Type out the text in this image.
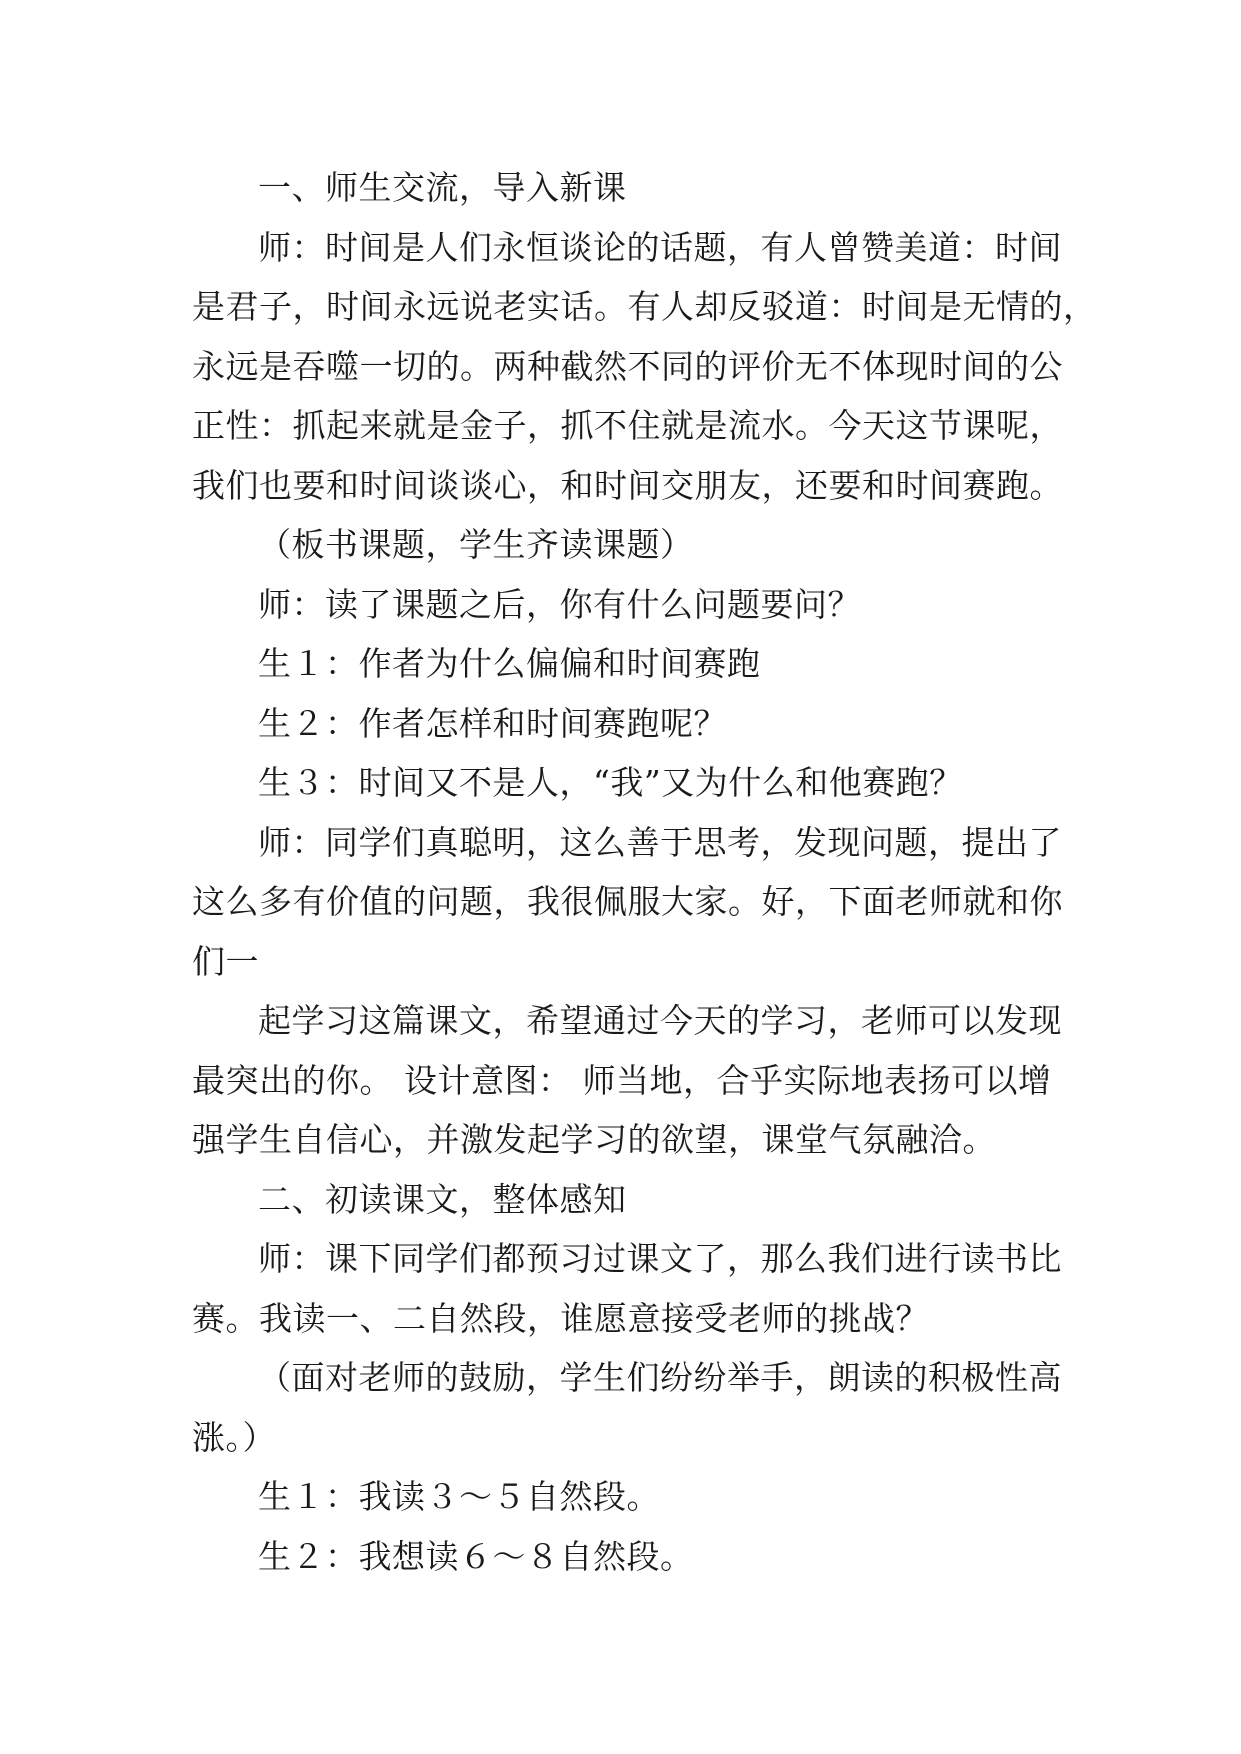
一、师生交流，导入新课
师：时间是人们永恒谈论的话题，有人曾赞美道：时间
是君子，时间永远说老实话。有人却反驳道：时间是无情的，
永远是吞噬一切的。两种截然不同的评价无不体现时间的公
正性：抓起来就是金子，抓不住就是流水。今天这节课呢，
我们也要和时间谈谈心，和时间交朋友，还要和时间赛跑。
（板书课题，学生齐读课题）
师：读了课题之后，你有什么问题要问？
生１：作者为什么偏偏和时间赛跑
生２：作者怎样和时间赛跑呢？
生３：时间又不是人，“我”又为什么和他赛跑？
师：同学们真聪明，这么善于思考，发现问题，提出了
这么多有价值的问题，我很佩服大家。好，下面老师就和你
们一
起学习这篇课文，希望通过今天的学习，老师可以发现
最突出的你。 设计意图： 师当地，合乎实际地表扬可以增
强学生自信心，并激发起学习的欲望，课堂气氛融洽。
二、初读课文，整体感知
师：课下同学们都预习过课文了，那么我们进行读书比
赛。我读一、二自然段，谁愿意接受老师的挑战？
（面对老师的鼓励，学生们纷纷举手，朗读的积极性高
涨。）
生１：我读３～５自然段。
生２：我想读６～８自然段。
